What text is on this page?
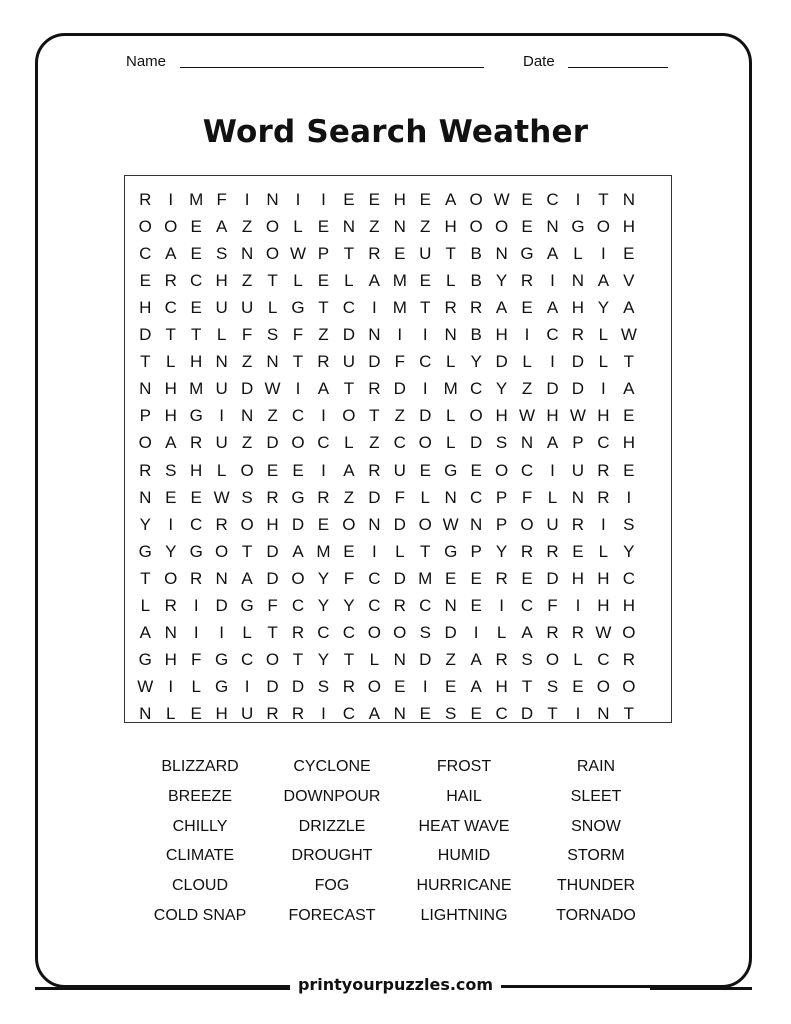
Name	Date
Word Search Weather
R I M F	I N I	I	E E H E A O W E C I	T N
O O E A Z O L E N Z N Z H O O E N G O H
C A E S N O W P T R E U T B N G A L	I	E
E R C H Z T L E L A M E L B Y R I N A V
H C E U U L G T C I M T R R A E A H Y A
D T T L F S F Z D N I	I N B H I C R L W
T L H N Z N T R U D F C L Y D L	I D L T
N H M U D W I	A T R D I M C Y Z D D I	A
P H G I N Z C I O T Z D L O H W H W H E
O A R U Z D O C L Z C O L D S N A P C H
R S H L O E E	I	A R U E G E O C I U R E
N E E W S R G R Z D F L N C P F L N R I
Y	I C R O H D E O N D O W N P O U R I	S
G Y G O T D A M E	I	L T G P Y R R E L Y
T O R N A D O Y F C D M E E R E D H H C
L R I D G F C Y Y C R C N E	I C F	I H H
A N I	I	L T R C C O O S D I	L A R R W O
G H F G C O T Y T L N D Z A R S O L C R
W I	L G I D D S R O E	I	E A H T S E O O
N L E H U R R I C A N E S E C D T	I N T
BLIZZARD	CYCLONE	FROST	RAIN
BREEZE	DOWNPOUR	HAIL	SLEET
CHILLY	DRIZZLE	HEAT WAVE	SNOW
CLIMATE	DROUGHT	HUMID	STORM
CLOUD	FOG	HURRICANE	THUNDER
COLD SNAP	FORECAST	LIGHTNING	TORNADO
printyourpuzzles.com
